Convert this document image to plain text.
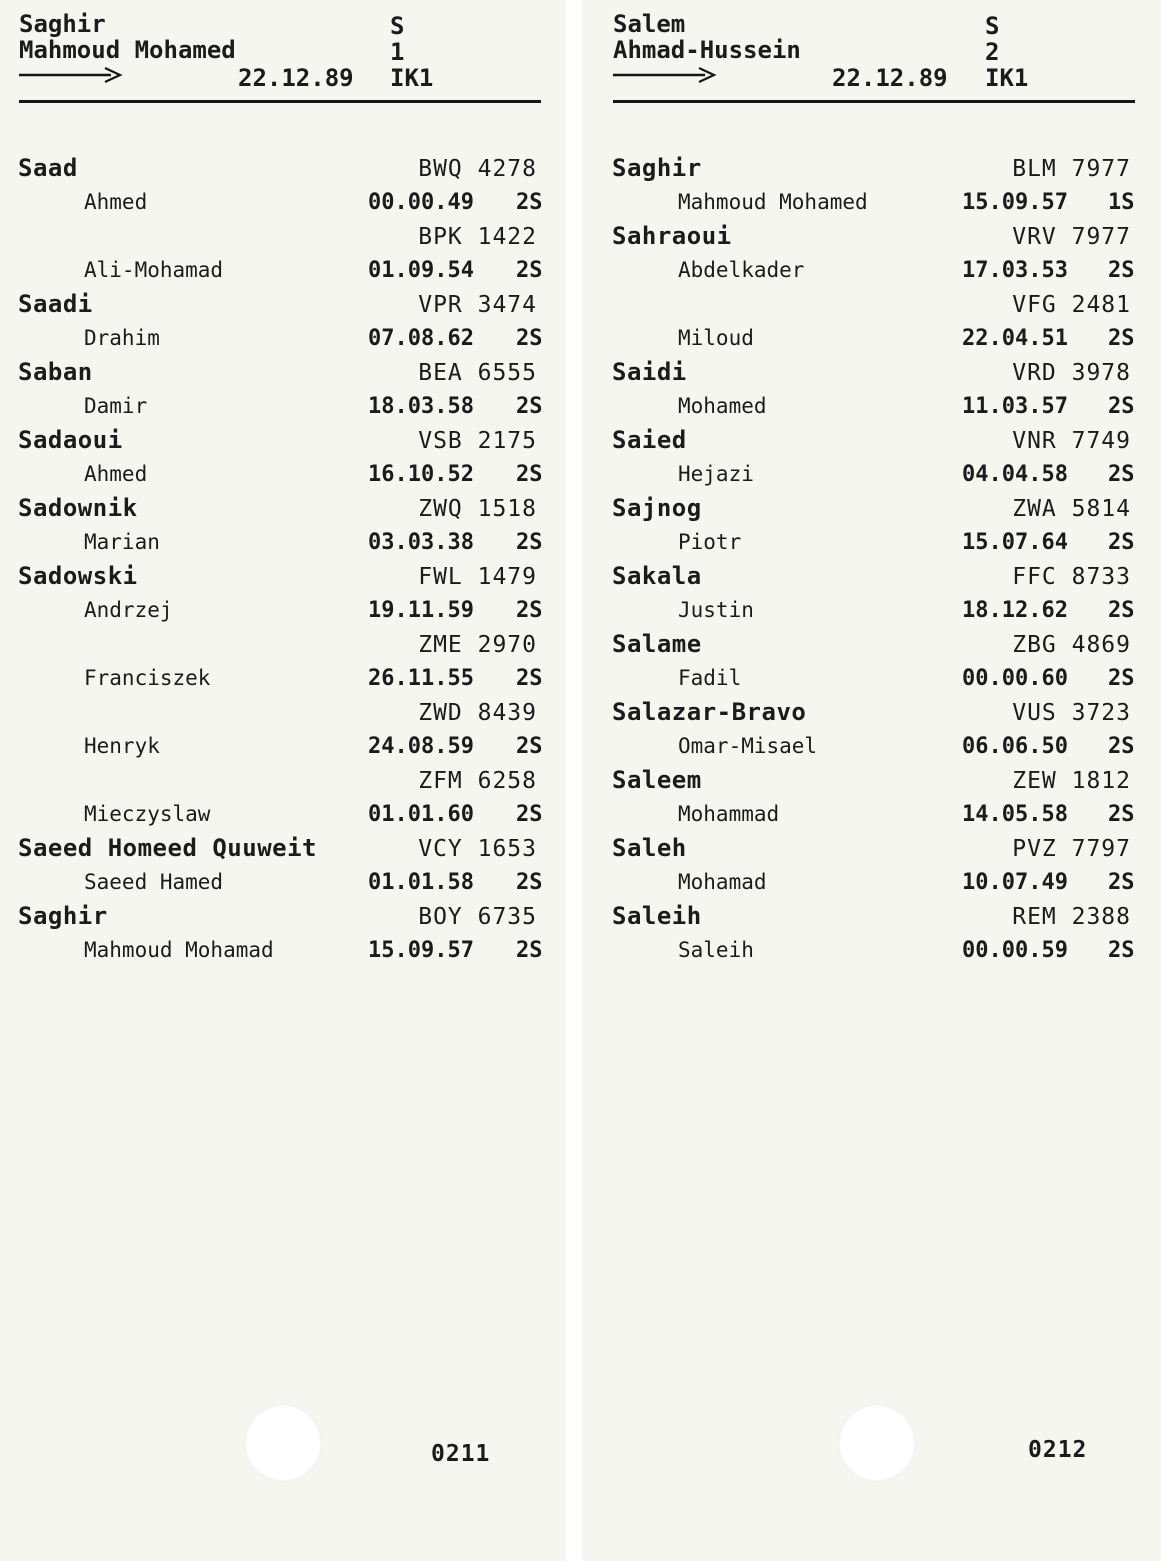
Saghir
Mahmoud Mohamed
S
1
22.12.89 IK1
Saad	BWQ 4278
Ahmed	00.00.49 2S
BPK 1422
Ali-Mohamad	01.09.54 2S
Saadi	VPR 3474
Drahim	07.08.62 2S
Saban	BEA 6555
Damir	18.03.58 2S
Sadaoui	VSB 2175
Ahmed	16.10.52 2S
Sadownik	ZWQ 1518
Marian	03.03.38 2S
Sadowski	FWL 1479
Andrzej	19.11.59 2S
ZME 2970
Franciszek	26.11.55 2S
ZWD 8439
Henryk	24.08.59 2S
ZFM 6258
Mieczyslaw	01.01.60 2S
Saeed Homeed Quuweit	VCY 1653
Saeed Hamed	01.01.58 2S
Saghir	BOY 6735
Mahmoud Mohamad	15.09.57 2S
0211
Salem
Ahmad-Hussein
S
2
22.12.89 IK1
Saghir	BLM 7977
Mahmoud Mohamed	15.09.57 1S
Sahraoui	VRV 7977
Abdelkader	17.03.53 2S
VFG 2481
Miloud	22.04.51 2S
Saidi	VRD 3978
Mohamed	11.03.57 2S
Saied	VNR 7749
Hejazi	04.04.58 2S
Sajnog	ZWA 5814
Piotr	15.07.64 2S
Sakala	FFC 8733
Justin	18.12.62 2S
Salame	ZBG 4869
Fadil	00.00.60 2S
Salazar-Bravo	VUS 3723
Omar-Misael	06.06.50 2S
Saleem	ZEW 1812
Mohammad	14.05.58 2S
Saleh	PVZ 7797
Mohamad	10.07.49 2S
Saleih	REM 2388
Saleih	00.00.59 2S
0212
